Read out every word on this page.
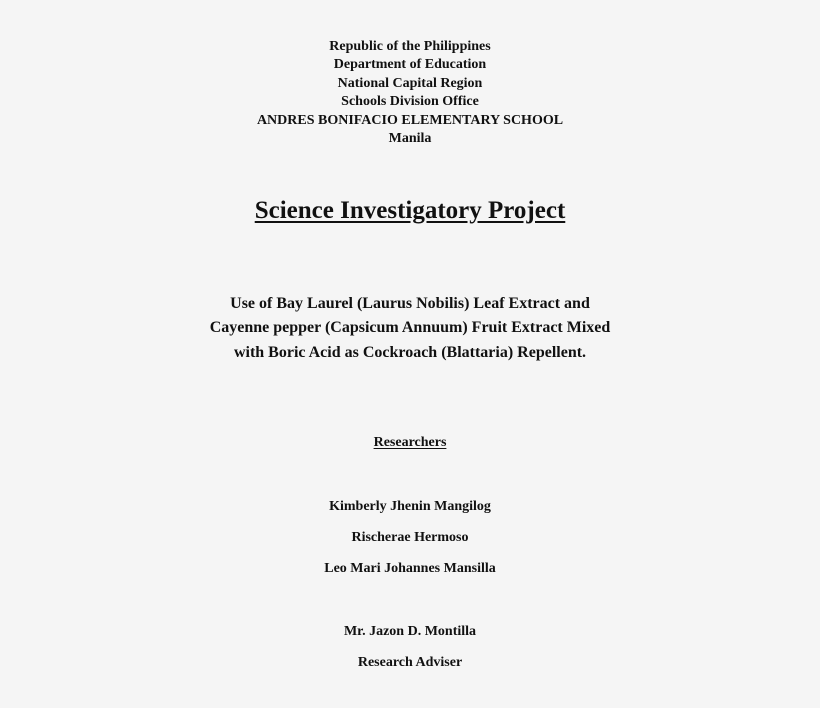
Republic of the Philippines
Department of Education
National Capital Region
Schools Division Office
ANDRES BONIFACIO ELEMENTARY SCHOOL
Manila
Science Investigatory Project
Use of Bay Laurel (Laurus Nobilis) Leaf Extract and
Cayenne pepper (Capsicum Annuum) Fruit Extract Mixed
with Boric Acid as Cockroach (Blattaria) Repellent.
Researchers
Kimberly Jhenin Mangilog
Rischerae Hermoso
Leo Mari Johannes Mansilla
Mr. Jazon D. Montilla
Research Adviser
